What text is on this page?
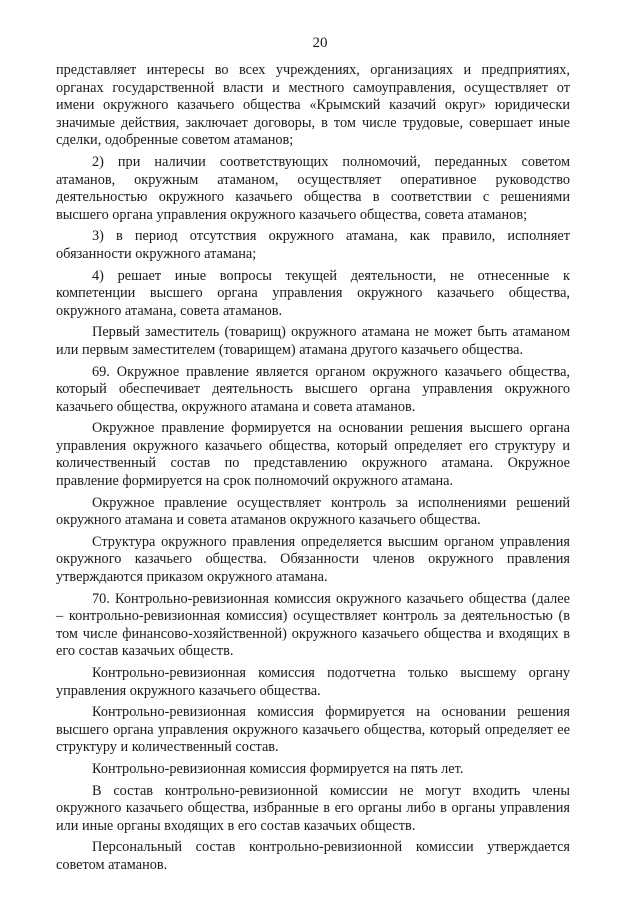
20

представляет интересы во всех учреждениях, организациях и предприятиях, органах государственной власти и местного самоуправления, осуществляет от имени окружного казачьего общества «Крымский казачий округ» юридически значимые действия, заключает договоры, в том числе трудовые, совершает иные сделки, одобренные советом атаманов;

2) при наличии соответствующих полномочий, переданных советом атаманов, окружным атаманом, осуществляет оперативное руководство деятельностью окружного казачьего общества в соответствии с решениями высшего органа управления окружного казачьего общества, совета атаманов;

3) в период отсутствия окружного атамана, как правило, исполняет обязанности окружного атамана;

4) решает иные вопросы текущей деятельности, не отнесенные к компетенции высшего органа управления окружного казачьего общества, окружного атамана, совета атаманов.

Первый заместитель (товарищ) окружного атамана не может быть атаманом или первым заместителем (товарищем) атамана другого казачьего общества.

69. Окружное правление является органом окружного казачьего общества, который обеспечивает деятельность высшего органа управления окружного казачьего общества, окружного атамана и совета атаманов.

Окружное правление формируется на основании решения высшего органа управления окружного казачьего общества, который определяет его структуру и количественный состав по представлению окружного атамана. Окружное правление формируется на срок полномочий окружного атамана.

Окружное правление осуществляет контроль за исполнениями решений окружного атамана и совета атаманов окружного казачьего общества.

Структура окружного правления определяется высшим органом управления окружного казачьего общества. Обязанности членов окружного правления утверждаются приказом окружного атамана.

70. Контрольно-ревизионная комиссия окружного казачьего общества (далее – контрольно-ревизионная комиссия) осуществляет контроль за деятельностью (в том числе финансово-хозяйственной) окружного казачьего общества и входящих в его состав казачьих обществ.

Контрольно-ревизионная комиссия подотчетна только высшему органу управления окружного казачьего общества.

Контрольно-ревизионная комиссия формируется на основании решения высшего органа управления окружного казачьего общества, который определяет ее структуру и количественный состав.

Контрольно-ревизионная комиссия формируется на пять лет.

В состав контрольно-ревизионной комиссии не могут входить члены окружного казачьего общества, избранные в его органы либо в органы управления или иные органы входящих в его состав казачьих обществ.

Персональный состав контрольно-ревизионной комиссии утверждается советом атаманов.
